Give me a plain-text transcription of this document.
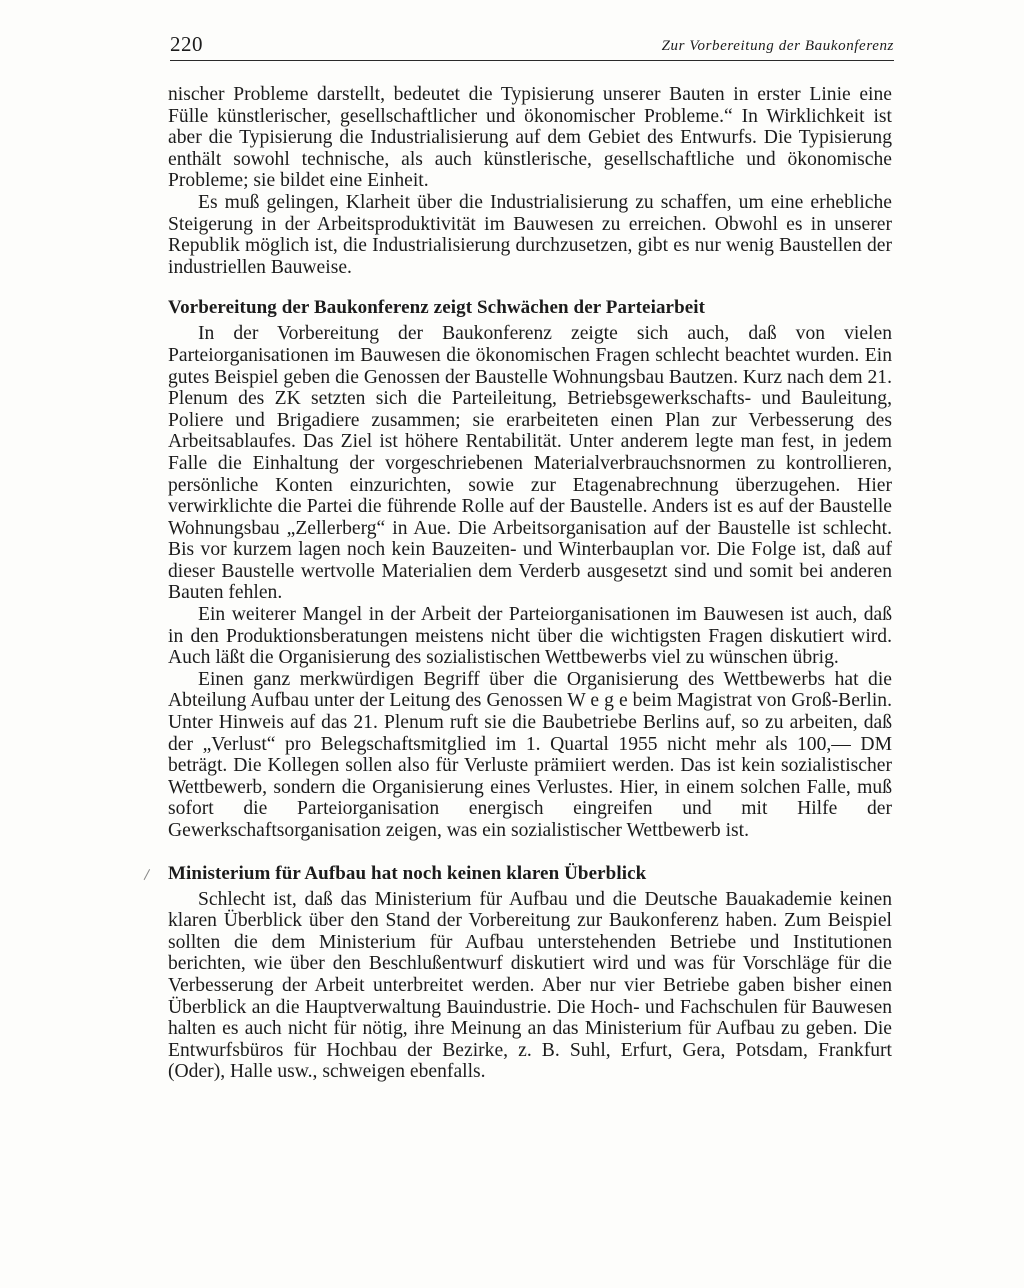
220	Zur Vorbereitung der Baukonferenz

nischer Probleme darstellt, bedeutet die Typisierung unserer Bauten in erster Linie eine Fülle künstlerischer, gesellschaftlicher und ökonomischer Probleme.“ In Wirklichkeit ist aber die Typisierung die Industrialisierung auf dem Gebiet des Entwurfs. Die Typisierung enthält sowohl technische, als auch künstlerische, gesellschaftliche und ökonomische Probleme; sie bildet eine Einheit.

Es muß gelingen, Klarheit über die Industrialisierung zu schaffen, um eine erhebliche Steigerung in der Arbeitsproduktivität im Bauwesen zu erreichen. Obwohl es in unserer Republik möglich ist, die Industrialisierung durchzusetzen, gibt es nur wenig Baustellen der industriellen Bauweise.

Vorbereitung der Baukonferenz zeigt Schwächen der Parteiarbeit

In der Vorbereitung der Baukonferenz zeigte sich auch, daß von vielen Parteiorganisationen im Bauwesen die ökonomischen Fragen schlecht beachtet wurden. Ein gutes Beispiel geben die Genossen der Baustelle Wohnungsbau Bautzen. Kurz nach dem 21. Plenum des ZK setzten sich die Parteileitung, Betriebsgewerkschafts- und Bauleitung, Poliere und Brigadiere zusammen; sie erarbeiteten einen Plan zur Verbesserung des Arbeitsablaufes. Das Ziel ist höhere Rentabilität. Unter anderem legte man fest, in jedem Falle die Einhaltung der vorgeschriebenen Materialverbrauchsnormen zu kontrollieren, persönliche Konten einzurichten, sowie zur Etagenabrechnung überzugehen. Hier verwirklichte die Partei die führende Rolle auf der Baustelle. Anders ist es auf der Baustelle Wohnungsbau „Zellerberg“ in Aue. Die Arbeitsorganisation auf der Baustelle ist schlecht. Bis vor kurzem lagen noch kein Bauzeiten- und Winterbauplan vor. Die Folge ist, daß auf dieser Baustelle wertvolle Materialien dem Verderb ausgesetzt sind und somit bei anderen Bauten fehlen.

Ein weiterer Mangel in der Arbeit der Parteiorganisationen im Bauwesen ist auch, daß in den Produktionsberatungen meistens nicht über die wichtigsten Fragen diskutiert wird. Auch läßt die Organisierung des sozialistischen Wettbewerbs viel zu wünschen übrig.

Einen ganz merkwürdigen Begriff über die Organisierung des Wettbewerbs hat die Abteilung Aufbau unter der Leitung des Genossen W e g e beim Magistrat von Groß-Berlin. Unter Hinweis auf das 21. Plenum ruft sie die Baubetriebe Berlins auf, so zu arbeiten, daß der „Verlust“ pro Belegschaftsmitglied im 1. Quartal 1955 nicht mehr als 100,— DM beträgt. Die Kollegen sollen also für Verluste prämiiert werden. Das ist kein sozialistischer Wettbewerb, sondern die Organisierung eines Verlustes. Hier, in einem solchen Falle, muß sofort die Parteiorganisation energisch eingreifen und mit Hilfe der Gewerkschaftsorganisation zeigen, was ein sozialistischer Wettbewerb ist.

Ministerium für Aufbau hat noch keinen klaren Überblick

Schlecht ist, daß das Ministerium für Aufbau und die Deutsche Bauakademie keinen klaren Überblick über den Stand der Vorbereitung zur Baukonferenz haben. Zum Beispiel sollten die dem Ministerium für Aufbau unterstehenden Betriebe und Institutionen berichten, wie über den Beschlußentwurf diskutiert wird und was für Vorschläge für die Verbesserung der Arbeit unterbreitet werden. Aber nur vier Betriebe gaben bisher einen Überblick an die Hauptverwaltung Bauindustrie. Die Hoch- und Fachschulen für Bauwesen halten es auch nicht für nötig, ihre Meinung an das Ministerium für Aufbau zu geben. Die Entwurfsbüros für Hochbau der Bezirke, z. B. Suhl, Erfurt, Gera, Potsdam, Frankfurt (Oder), Halle usw., schweigen ebenfalls.
